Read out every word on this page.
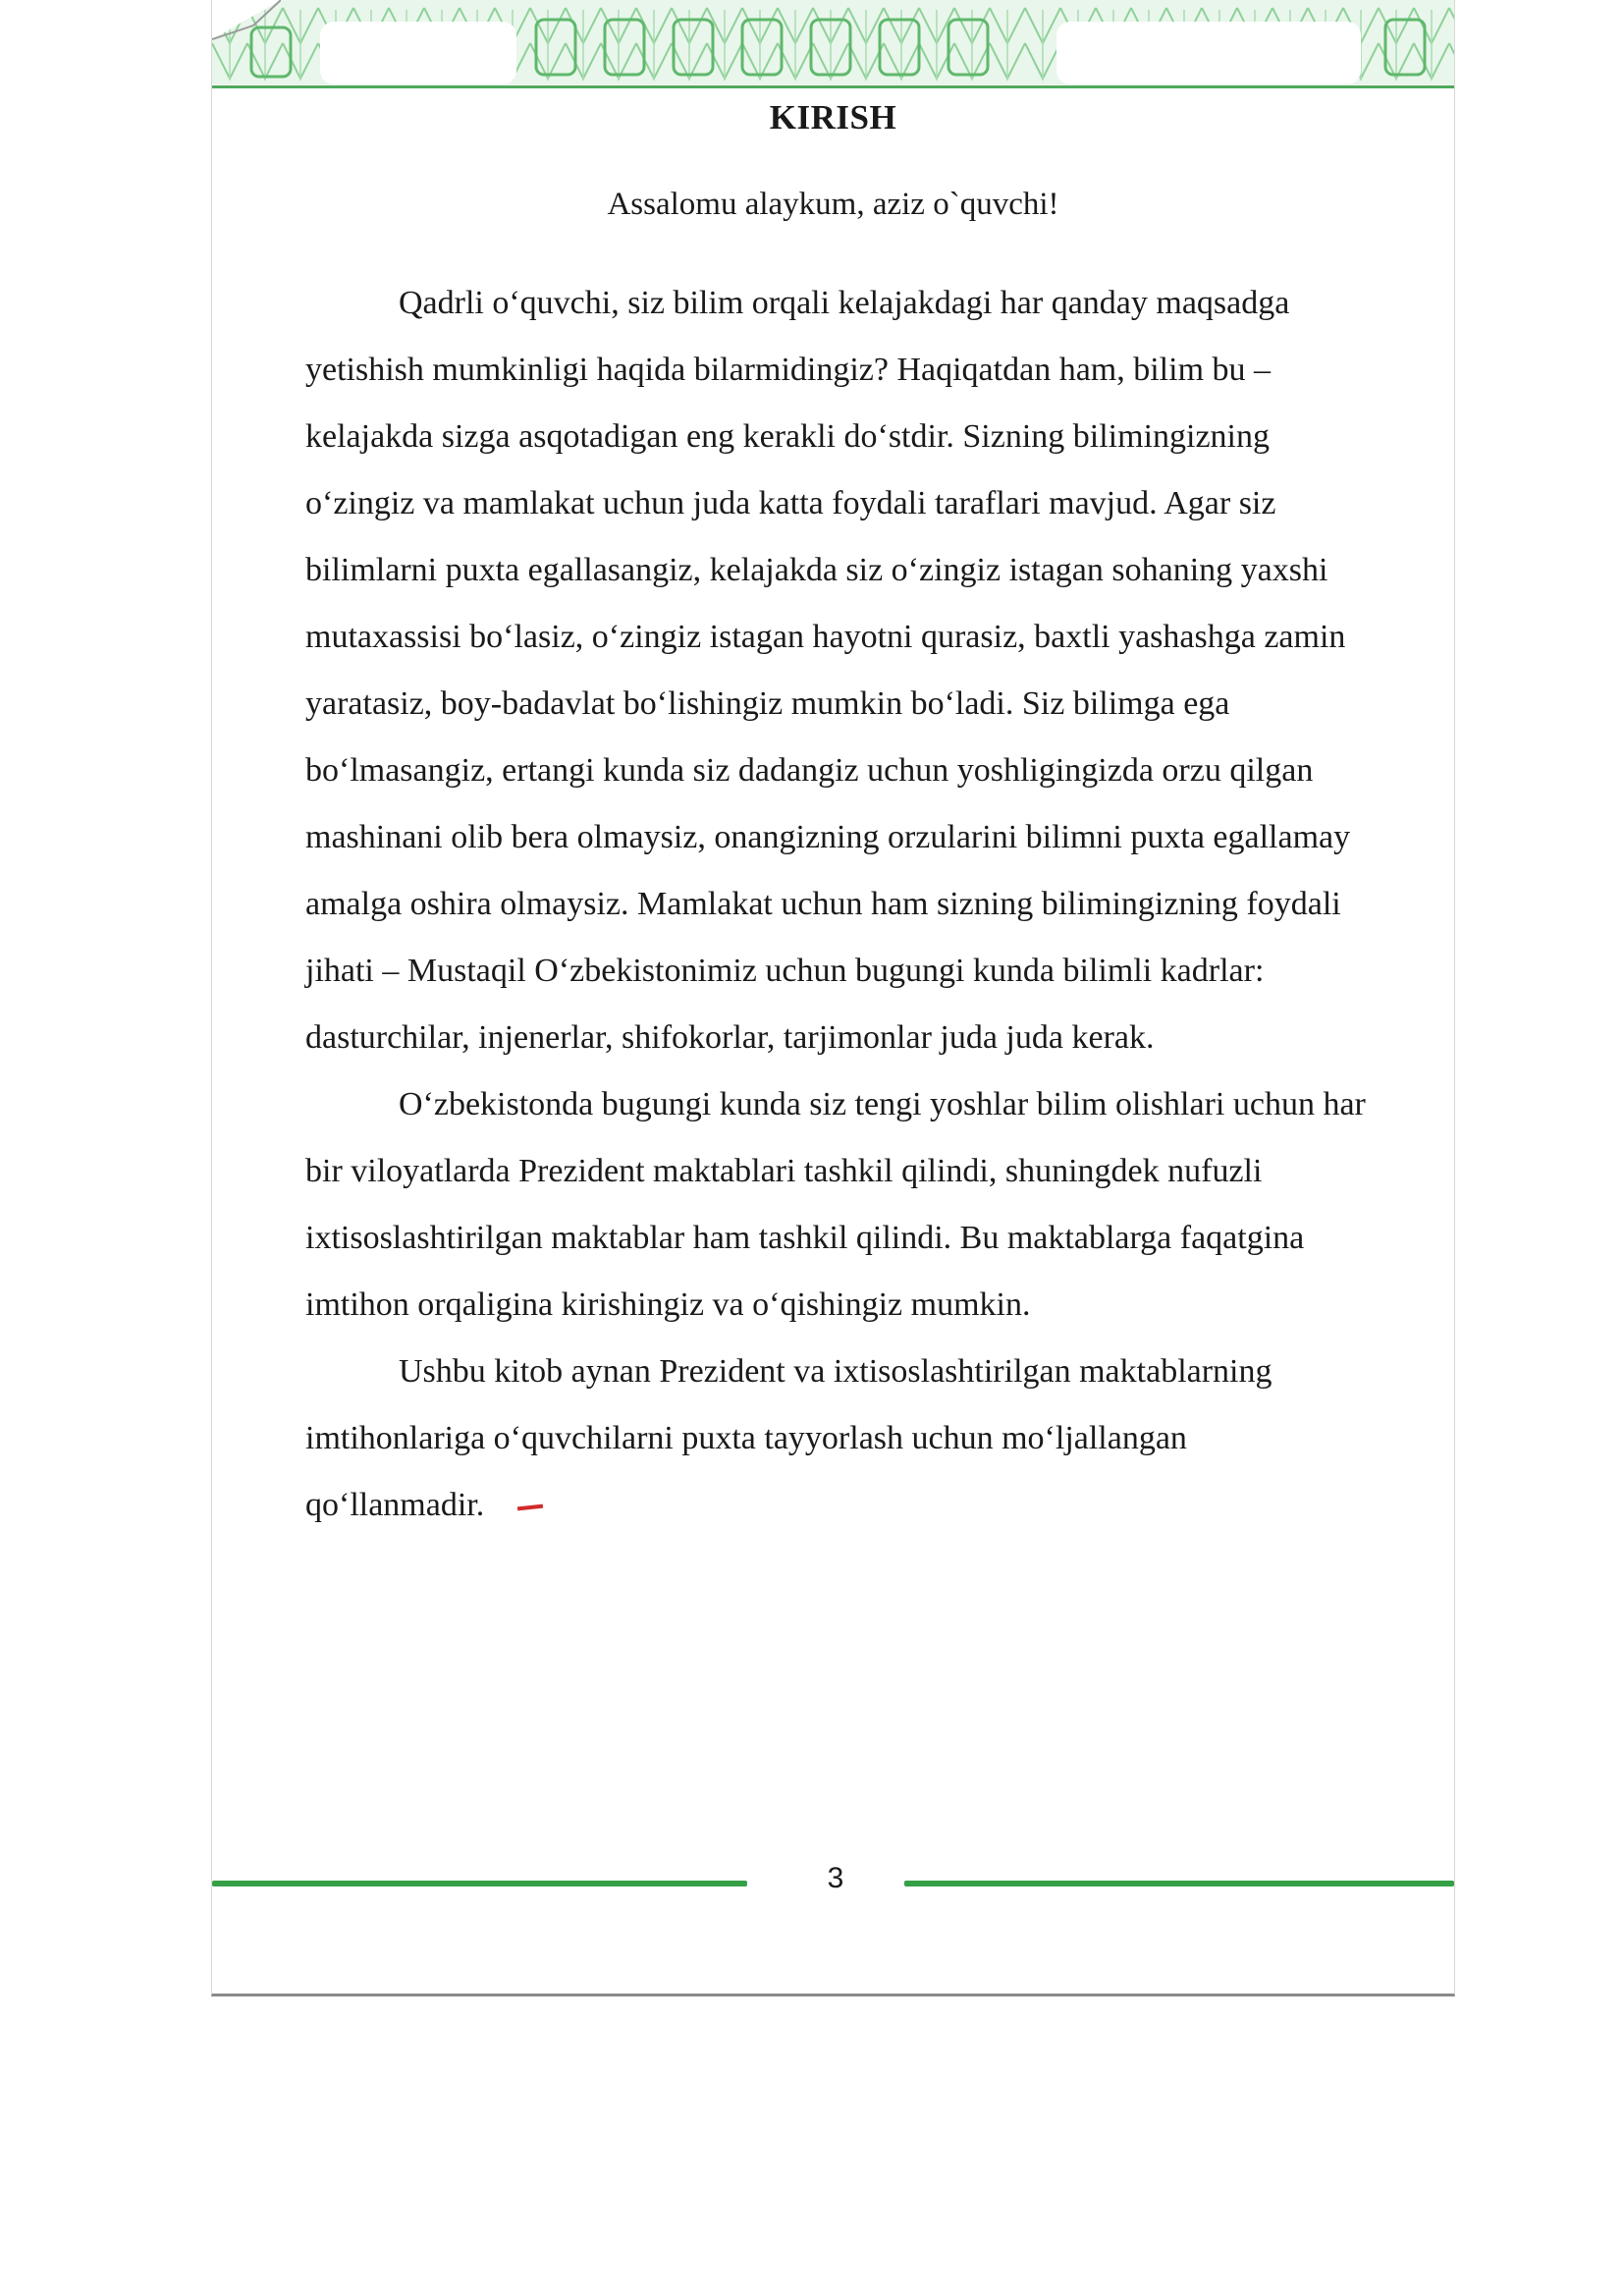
KIRISH
Assalomu alaykum, aziz o`quvchi!

Qadrli o‘quvchi, siz bilim orqali kelajakdagi har qanday maqsadga yetishish mumkinligi haqida bilarmidingiz? Haqiqatdan ham, bilim bu – kelajakda sizga asqotadigan eng kerakli do‘stdir. Sizning bilimingizning o‘zingiz va mamlakat uchun juda katta foydali taraflari mavjud. Agar siz bilimlarni puxta egallasangiz, kelajakda siz o‘zingiz istagan sohaning yaxshi mutaxassisi bo‘lasiz, o‘zingiz istagan hayotni qurasiz, baxtli yashashga zamin yaratasiz, boy-badavlat bo‘lishingiz mumkin bo‘ladi. Siz bilimga ega bo‘lmasangiz, ertangi kunda siz dadangiz uchun yoshligingizda orzu qilgan mashinani olib bera olmaysiz, onangizning orzularini bilimni puxta egallamay amalga oshira olmaysiz. Mamlakat uchun ham sizning bilimingizning foydali jihati – Mustaqil O‘zbekistonimiz uchun bugungi kunda bilimli kadrlar: dasturchilar, injenerlar, shifokorlar, tarjimonlar juda juda kerak.

O‘zbekistonda bugungi kunda siz tengi yoshlar bilim olishlari uchun har bir viloyatlarda Prezident maktablari tashkil qilindi, shuningdek nufuzli ixtisoslashtirilgan maktablar ham tashkil qilindi. Bu maktablarga faqatgina imtihon orqaligina kirishingiz va o‘qishingiz mumkin.

Ushbu kitob aynan Prezident va ixtisoslashtirilgan maktablarning imtihonlariga o‘quvchilarni puxta tayyorlash uchun mo‘ljallangan qo‘llanmadir.

3
